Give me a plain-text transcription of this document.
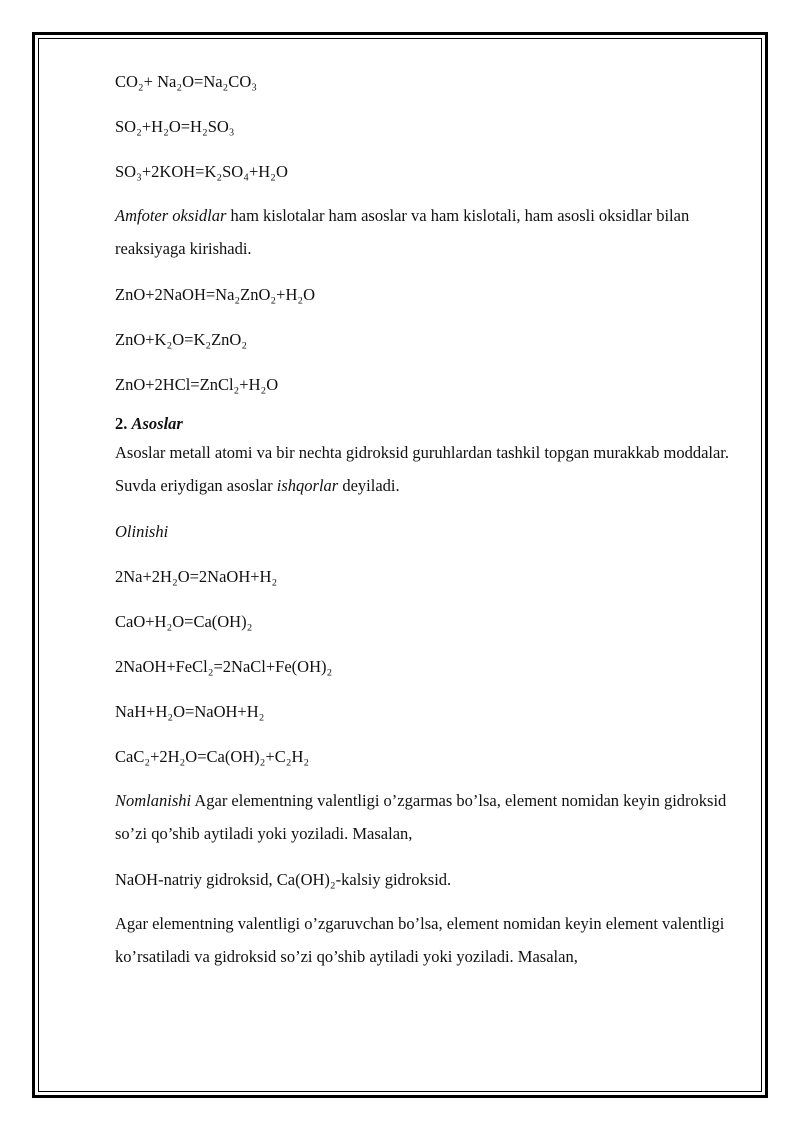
CO₂+ Na₂O=Na₂CO₃
SO₂+H₂O=H₂SO₃
SO₃+2KOH=K₂SO₄+H₂O
Amfoter oksidlar ham kislotalar ham asoslar va ham kislotali, ham asosli oksidlar bilan reaksiyaga kirishadi.
ZnO+2NaOH=Na₂ZnO₂+H₂O
ZnO+K₂O=K₂ZnO₂
ZnO+2HCl=ZnCl₂+H₂O
2. Asoslar
Asoslar metall atomi va bir nechta gidroksid guruhlardan tashkil topgan murakkab moddalar. Suvda eriydigan asoslar ishqorlar deyiladi.
Olinishi
2Na+2H₂O=2NaOH+H₂
CaO+H₂O=Ca(OH)₂
2NaOH+FeCl₂=2NaCl+Fe(OH)₂
NaH+H₂O=NaOH+H₂
CaC₂+2H₂O=Ca(OH)₂+C₂H₂
Nomlanishi Agar elementning valentligi o’zgarmas bo’lsa, element nomidan keyin gidroksid so’zi qo’shib aytiladi yoki yoziladi. Masalan,
NaOH-natriy gidroksid, Ca(OH)₂-kalsiy gidroksid.
Agar elementning valentligi o’zgaruvchan bo’lsa, element nomidan keyin element valentligi ko’rsatiladi va gidroksid so’zi qo’shib aytiladi yoki yoziladi. Masalan,
